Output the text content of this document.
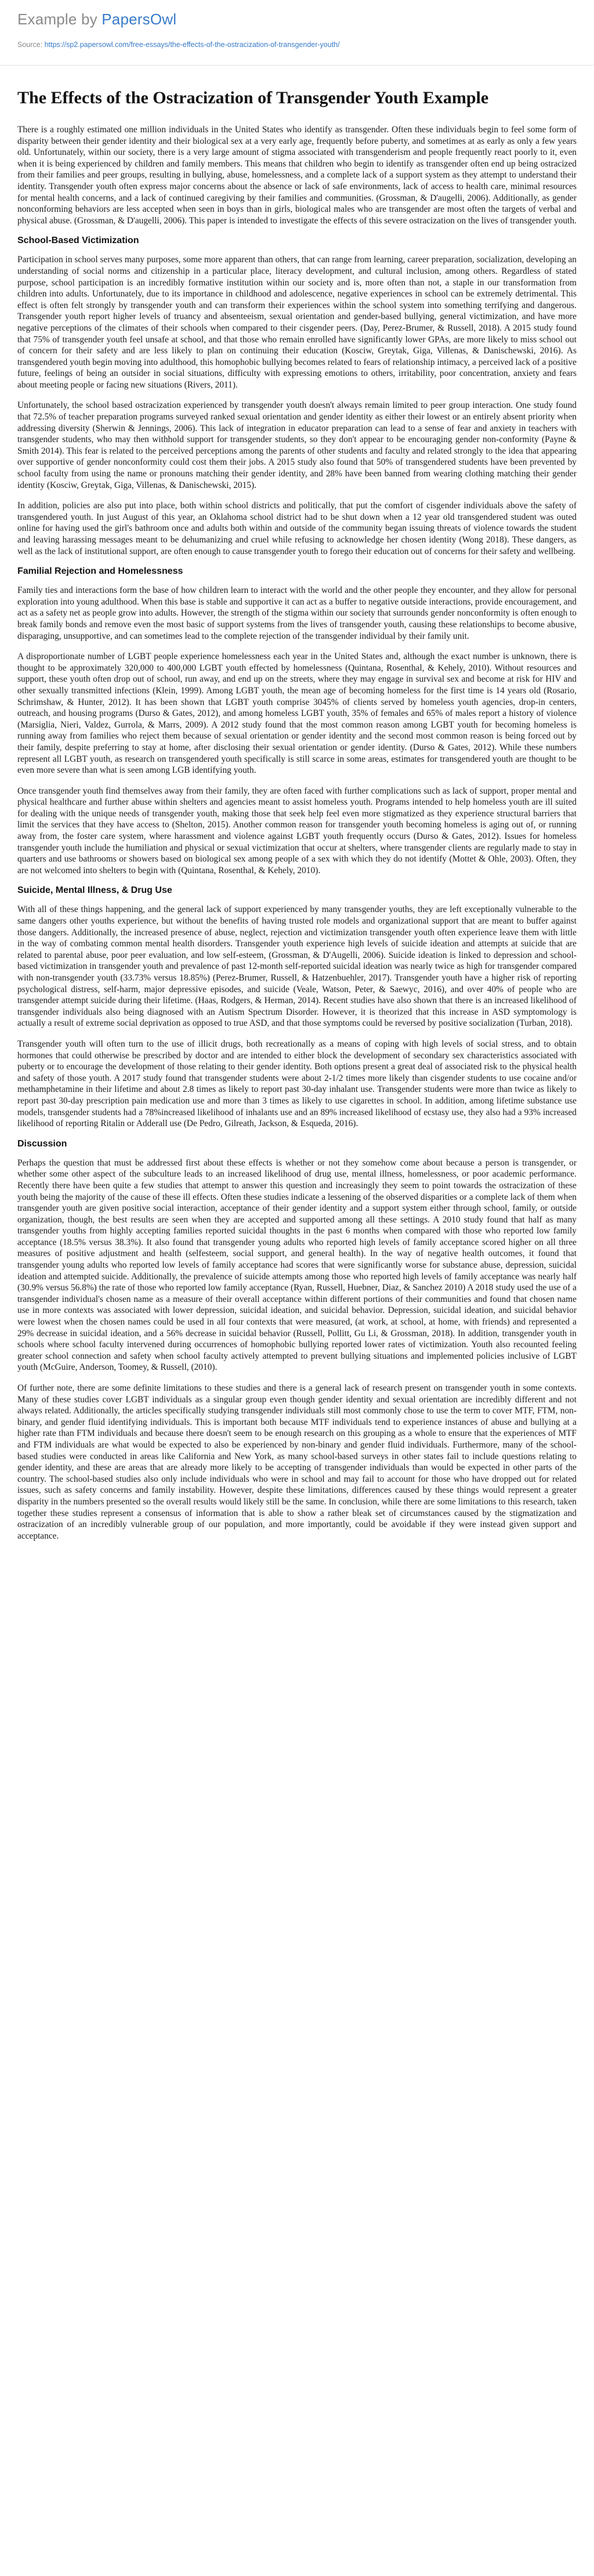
Example by PapersOwl
Source: https://sp2.papersowl.com/free-essays/the-effects-of-the-ostracization-of-transgender-youth/
The Effects of the Ostracization of Transgender Youth Example

There is a roughly estimated one million individuals in the United States who identify as transgender. Often these individuals begin to feel some form of disparity between their gender identity and their biological sex at a very early age, frequently before puberty, and sometimes at as early as only a few years old. Unfortunately, within our society, there is a very large amount of stigma associated with transgenderism and people frequently react poorly to it, even when it is being experienced by children and family members. This means that children who begin to identify as transgender often end up being ostracized from their families and peer groups, resulting in bullying, abuse, homelessness, and a complete lack of a support system as they attempt to understand their identity. Transgender youth often express major concerns about the absence or lack of safe environments, lack of access to health care, minimal resources for mental health concerns, and a lack of continued caregiving by their families and communities. (Grossman, & D'augelli, 2006). Additionally, as gender nonconforming behaviors are less accepted when seen in boys than in girls, biological males who are transgender are most often the targets of verbal and physical abuse. (Grossman, & D'augelli, 2006). This paper is intended to investigate the effects of this severe ostracization on the lives of transgender youth.

School-Based Victimization

Participation in school serves many purposes, some more apparent than others, that can range from learning, career preparation, socialization, developing an understanding of social norms and citizenship in a particular place, literacy development, and cultural inclusion, among others. Regardless of stated purpose, school participation is an incredibly formative institution within our society and is, more often than not, a staple in our transformation from children into adults. Unfortunately, due to its importance in childhood and adolescence, negative experiences in school can be extremely detrimental. This effect is often felt strongly by transgender youth and can transform their experiences within the school system into something terrifying and dangerous. Transgender youth report higher levels of truancy and absenteeism, sexual orientation and gender-based bullying, general victimization, and have more negative perceptions of the climates of their schools when compared to their cisgender peers. (Day, Perez-Brumer, & Russell, 2018). A 2015 study found that 75% of transgender youth feel unsafe at school, and that those who remain enrolled have significantly lower GPAs, are more likely to miss school out of concern for their safety and are less likely to plan on continuing their education (Kosciw, Greytak, Giga, Villenas, & Danischewski, 2016). As transgendered youth begin moving into adulthood, this homophobic bullying becomes related to fears of relationship intimacy, a perceived lack of a positive future, feelings of being an outsider in social situations, difficulty with expressing emotions to others, irritability, poor concentration, anxiety and fears about meeting people or facing new situations (Rivers, 2011).

Unfortunately, the school based ostracization experienced by transgender youth doesn't always remain limited to peer group interaction. One study found that 72.5% of teacher preparation programs surveyed ranked sexual orientation and gender identity as either their lowest or an entirely absent priority when addressing diversity (Sherwin & Jennings, 2006). This lack of integration in educator preparation can lead to a sense of fear and anxiety in teachers with transgender students, who may then withhold support for transgender students, so they don't appear to be encouraging gender non-conformity (Payne & Smith 2014). This fear is related to the perceived perceptions among the parents of other students and faculty and related strongly to the idea that appearing over supportive of gender nonconformity could cost them their jobs. A 2015 study also found that 50% of transgendered students have been prevented by school faculty from using the name or pronouns matching their gender identity, and 28% have been banned from wearing clothing matching their gender identity (Kosciw, Greytak, Giga, Villenas, & Danischewski, 2015).

In addition, policies are also put into place, both within school districts and politically, that put the comfort of cisgender individuals above the safety of transgendered youth. In just August of this year, an Oklahoma school district had to be shut down when a 12 year old transgendered student was outed online for having used the girl's bathroom once and adults both within and outside of the community began issuing threats of violence towards the student and leaving harassing messages meant to be dehumanizing and cruel while refusing to acknowledge her chosen identity (Wong 2018). These dangers, as well as the lack of institutional support, are often enough to cause transgender youth to forego their education out of concerns for their safety and wellbeing.

Familial Rejection and Homelessness

Family ties and interactions form the base of how children learn to interact with the world and the other people they encounter, and they allow for personal exploration into young adulthood. When this base is stable and supportive it can act as a buffer to negative outside interactions, provide encouragement, and act as a safety net as people grow into adults. However, the strength of the stigma within our society that surrounds gender nonconformity is often enough to break family bonds and remove even the most basic of support systems from the lives of transgender youth, causing these relationships to become abusive, disparaging, unsupportive, and can sometimes lead to the complete rejection of the transgender individual by their family unit.

A disproportionate number of LGBT people experience homelessness each year in the United States and, although the exact number is unknown, there is thought to be approximately 320,000 to 400,000 LGBT youth effected by homelessness (Quintana, Rosenthal, & Kehely, 2010). Without resources and support, these youth often drop out of school, run away, and end up on the streets, where they may engage in survival sex and become at risk for HIV and other sexually transmitted infections (Klein, 1999). Among LGBT youth, the mean age of becoming homeless for the first time is 14 years old (Rosario, Schrimshaw, & Hunter, 2012). It has been shown that LGBT youth comprise 3045% of clients served by homeless youth agencies, drop-in centers, outreach, and housing programs (Durso & Gates, 2012), and among homeless LGBT youth, 35% of females and 65% of males report a history of violence (Marsiglia, Nieri, Valdez, Gurrola, & Marrs, 2009). A 2012 study found that the most common reason among LGBT youth for becoming homeless is running away from families who reject them because of sexual orientation or gender identity and the second most common reason is being forced out by their family, despite preferring to stay at home, after disclosing their sexual orientation or gender identity. (Durso & Gates, 2012). While these numbers represent all LGBT youth, as research on transgendered youth specifically is still scarce in some areas, estimates for transgendered youth are thought to be even more severe than what is seen among LGB identifying youth.

Once transgender youth find themselves away from their family, they are often faced with further complications such as lack of support, proper mental and physical healthcare and further abuse within shelters and agencies meant to assist homeless youth. Programs intended to help homeless youth are ill suited for dealing with the unique needs of transgender youth, making those that seek help feel even more stigmatized as they experience structural barriers that limit the services that they have access to (Shelton, 2015). Another common reason for transgender youth becoming homeless is aging out of, or running away from, the foster care system, where harassment and violence against LGBT youth frequently occurs (Durso & Gates, 2012). Issues for homeless transgender youth include the humiliation and physical or sexual victimization that occur at shelters, where transgender clients are regularly made to stay in quarters and use bathrooms or showers based on biological sex among people of a sex with which they do not identify (Mottet & Ohle, 2003). Often, they are not welcomed into shelters to begin with (Quintana, Rosenthal, & Kehely, 2010).

Suicide, Mental Illness, & Drug Use

With all of these things happening, and the general lack of support experienced by many transgender youths, they are left exceptionally vulnerable to the same dangers other youths experience, but without the benefits of having trusted role models and organizational support that are meant to buffer against those dangers. Additionally, the increased presence of abuse, neglect, rejection and victimization transgender youth often experience leave them with little in the way of combating common mental health disorders. Transgender youth experience high levels of suicide ideation and attempts at suicide that are related to parental abuse, poor peer evaluation, and low self-esteem, (Grossman, & D'Augelli, 2006). Suicide ideation is linked to depression and school-based victimization in transgender youth and prevalence of past 12-month self-reported suicidal ideation was nearly twice as high for transgender compared with non-transgender youth (33.73% versus 18.85%) (Perez-Brumer, Russell, & Hatzenbuehler, 2017). Transgender youth have a higher risk of reporting psychological distress, self-harm, major depressive episodes, and suicide (Veale, Watson, Peter, & Saewyc, 2016), and over 40% of people who are transgender attempt suicide during their lifetime. (Haas, Rodgers, & Herman, 2014). Recent studies have also shown that there is an increased likelihood of transgender individuals also being diagnosed with an Autism Spectrum Disorder. However, it is theorized that this increase in ASD symptomology is actually a result of extreme social deprivation as opposed to true ASD, and that those symptoms could be reversed by positive socialization (Turban, 2018).

Transgender youth will often turn to the use of illicit drugs, both recreationally as a means of coping with high levels of social stress, and to obtain hormones that could otherwise be prescribed by doctor and are intended to either block the development of secondary sex characteristics associated with puberty or to encourage the development of those relating to their gender identity. Both options present a great deal of associated risk to the physical health and safety of those youth. A 2017 study found that transgender students were about 2-1/2 times more likely than cisgender students to use cocaine and/or methamphetamine in their lifetime and about 2.8 times as likely to report past 30-day inhalant use. Transgender students were more than twice as likely to report past 30-day prescription pain medication use and more than 3 times as likely to use cigarettes in school. In addition, among lifetime substance use models, transgender students had a 78%increased likelihood of inhalants use and an 89% increased likelihood of ecstasy use, they also had a 93% increased likelihood of reporting Ritalin or Adderall use (De Pedro, Gilreath, Jackson, & Esqueda, 2016).

Discussion

Perhaps the question that must be addressed first about these effects is whether or not they somehow come about because a person is transgender, or whether some other aspect of the subculture leads to an increased likelihood of drug use, mental illness, homelessness, or poor academic performance. Recently there have been quite a few studies that attempt to answer this question and increasingly they seem to point towards the ostracization of these youth being the majority of the cause of these ill effects. Often these studies indicate a lessening of the observed disparities or a complete lack of them when transgender youth are given positive social interaction, acceptance of their gender identity and a support system either through school, family, or outside organization, though, the best results are seen when they are accepted and supported among all these settings. A 2010 study found that half as many transgender youths from highly accepting families reported suicidal thoughts in the past 6 months when compared with those who reported low family acceptance (18.5% versus 38.3%). It also found that transgender young adults who reported high levels of family acceptance scored higher on all three measures of positive adjustment and health (selfesteem, social support, and general health). In the way of negative health outcomes, it found that transgender young adults who reported low levels of family acceptance had scores that were significantly worse for substance abuse, depression, suicidal ideation and attempted suicide. Additionally, the prevalence of suicide attempts among those who reported high levels of family acceptance was nearly half (30.9% versus 56.8%) the rate of those who reported low family acceptance (Ryan, Russell, Huebner, Diaz, & Sanchez 2010) A 2018 study used the use of a transgender individual's chosen name as a measure of their overall acceptance within different portions of their communities and found that chosen name use in more contexts was associated with lower depression, suicidal ideation, and suicidal behavior. Depression, suicidal ideation, and suicidal behavior were lowest when the chosen names could be used in all four contexts that were measured, (at work, at school, at home, with friends) and represented a 29% decrease in suicidal ideation, and a 56% decrease in suicidal behavior (Russell, Pollitt, Gu Li, & Grossman, 2018). In addition, transgender youth in schools where school faculty intervened during occurrences of homophobic bullying reported lower rates of victimization. Youth also recounted feeling greater school connection and safety when school faculty actively attempted to prevent bullying situations and implemented policies inclusive of LGBT youth (McGuire, Anderson, Toomey, & Russell, (2010).

Of further note, there are some definite limitations to these studies and there is a general lack of research present on transgender youth in some contexts. Many of these studies cover LGBT individuals as a singular group even though gender identity and sexual orientation are incredibly different and not always related. Additionally, the articles specifically studying transgender individuals still most commonly chose to use the term to cover MTF, FTM, non-binary, and gender fluid identifying individuals. This is important both because MTF individuals tend to experience instances of abuse and bullying at a higher rate than FTM individuals and because there doesn't seem to be enough research on this grouping as a whole to ensure that the experiences of MTF and FTM individuals are what would be expected to also be experienced by non-binary and gender fluid individuals. Furthermore, many of the school-based studies were conducted in areas like California and New York, as many school-based surveys in other states fail to include questions relating to gender identity, and these are areas that are already more likely to be accepting of transgender individuals than would be expected in other parts of the country. The school-based studies also only include individuals who were in school and may fail to account for those who have dropped out for related issues, such as safety concerns and family instability. However, despite these limitations, differences caused by these things would represent a greater disparity in the numbers presented so the overall results would likely still be the same. In conclusion, while there are some limitations to this research, taken together these studies represent a consensus of information that is able to show a rather bleak set of circumstances caused by the stigmatization and ostracization of an incredibly vulnerable group of our population, and more importantly, could be avoidable if they were instead given support and acceptance.
